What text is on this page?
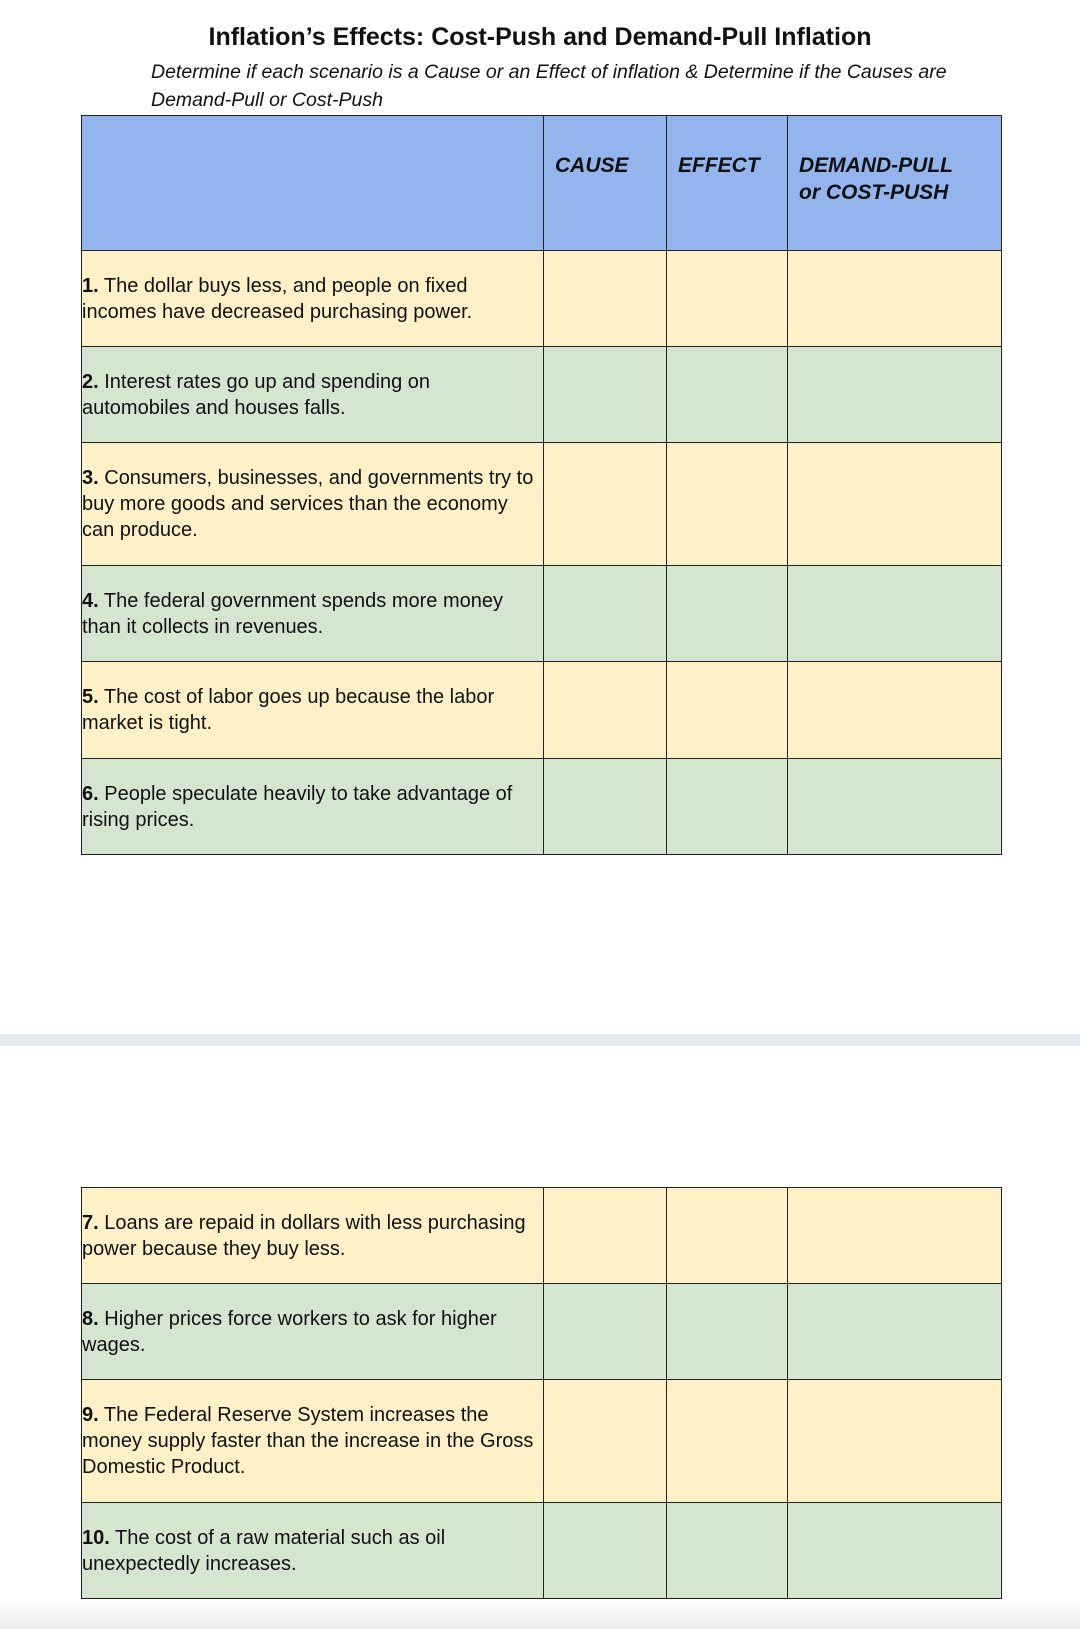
Inflation’s Effects: Cost-Push and Demand-Pull Inflation
Determine if each scenario is a Cause or an Effect of inflation & Determine if the Causes are Demand-Pull or Cost-Push
	CAUSE	EFFECT	DEMAND-PULL
or COST-PUSH

1. The dollar buys less, and people on fixed incomes have decreased purchasing power.			
2. Interest rates go up and spending on automobiles and houses falls.			
3. Consumers, businesses, and governments try to buy more goods and services than the economy can produce.			
4. The federal government spends more money than it collects in revenues.			
5. The cost of labor goes up because the labor market is tight.			
6. People speculate heavily to take advantage of rising prices.			
7. Loans are repaid in dollars with less purchasing power because they buy less.			
8. Higher prices force workers to ask for higher wages.			
9. The Federal Reserve System increases the money supply faster than the increase in the Gross Domestic Product.			
10. The cost of a raw material such as oil unexpectedly increases.			
